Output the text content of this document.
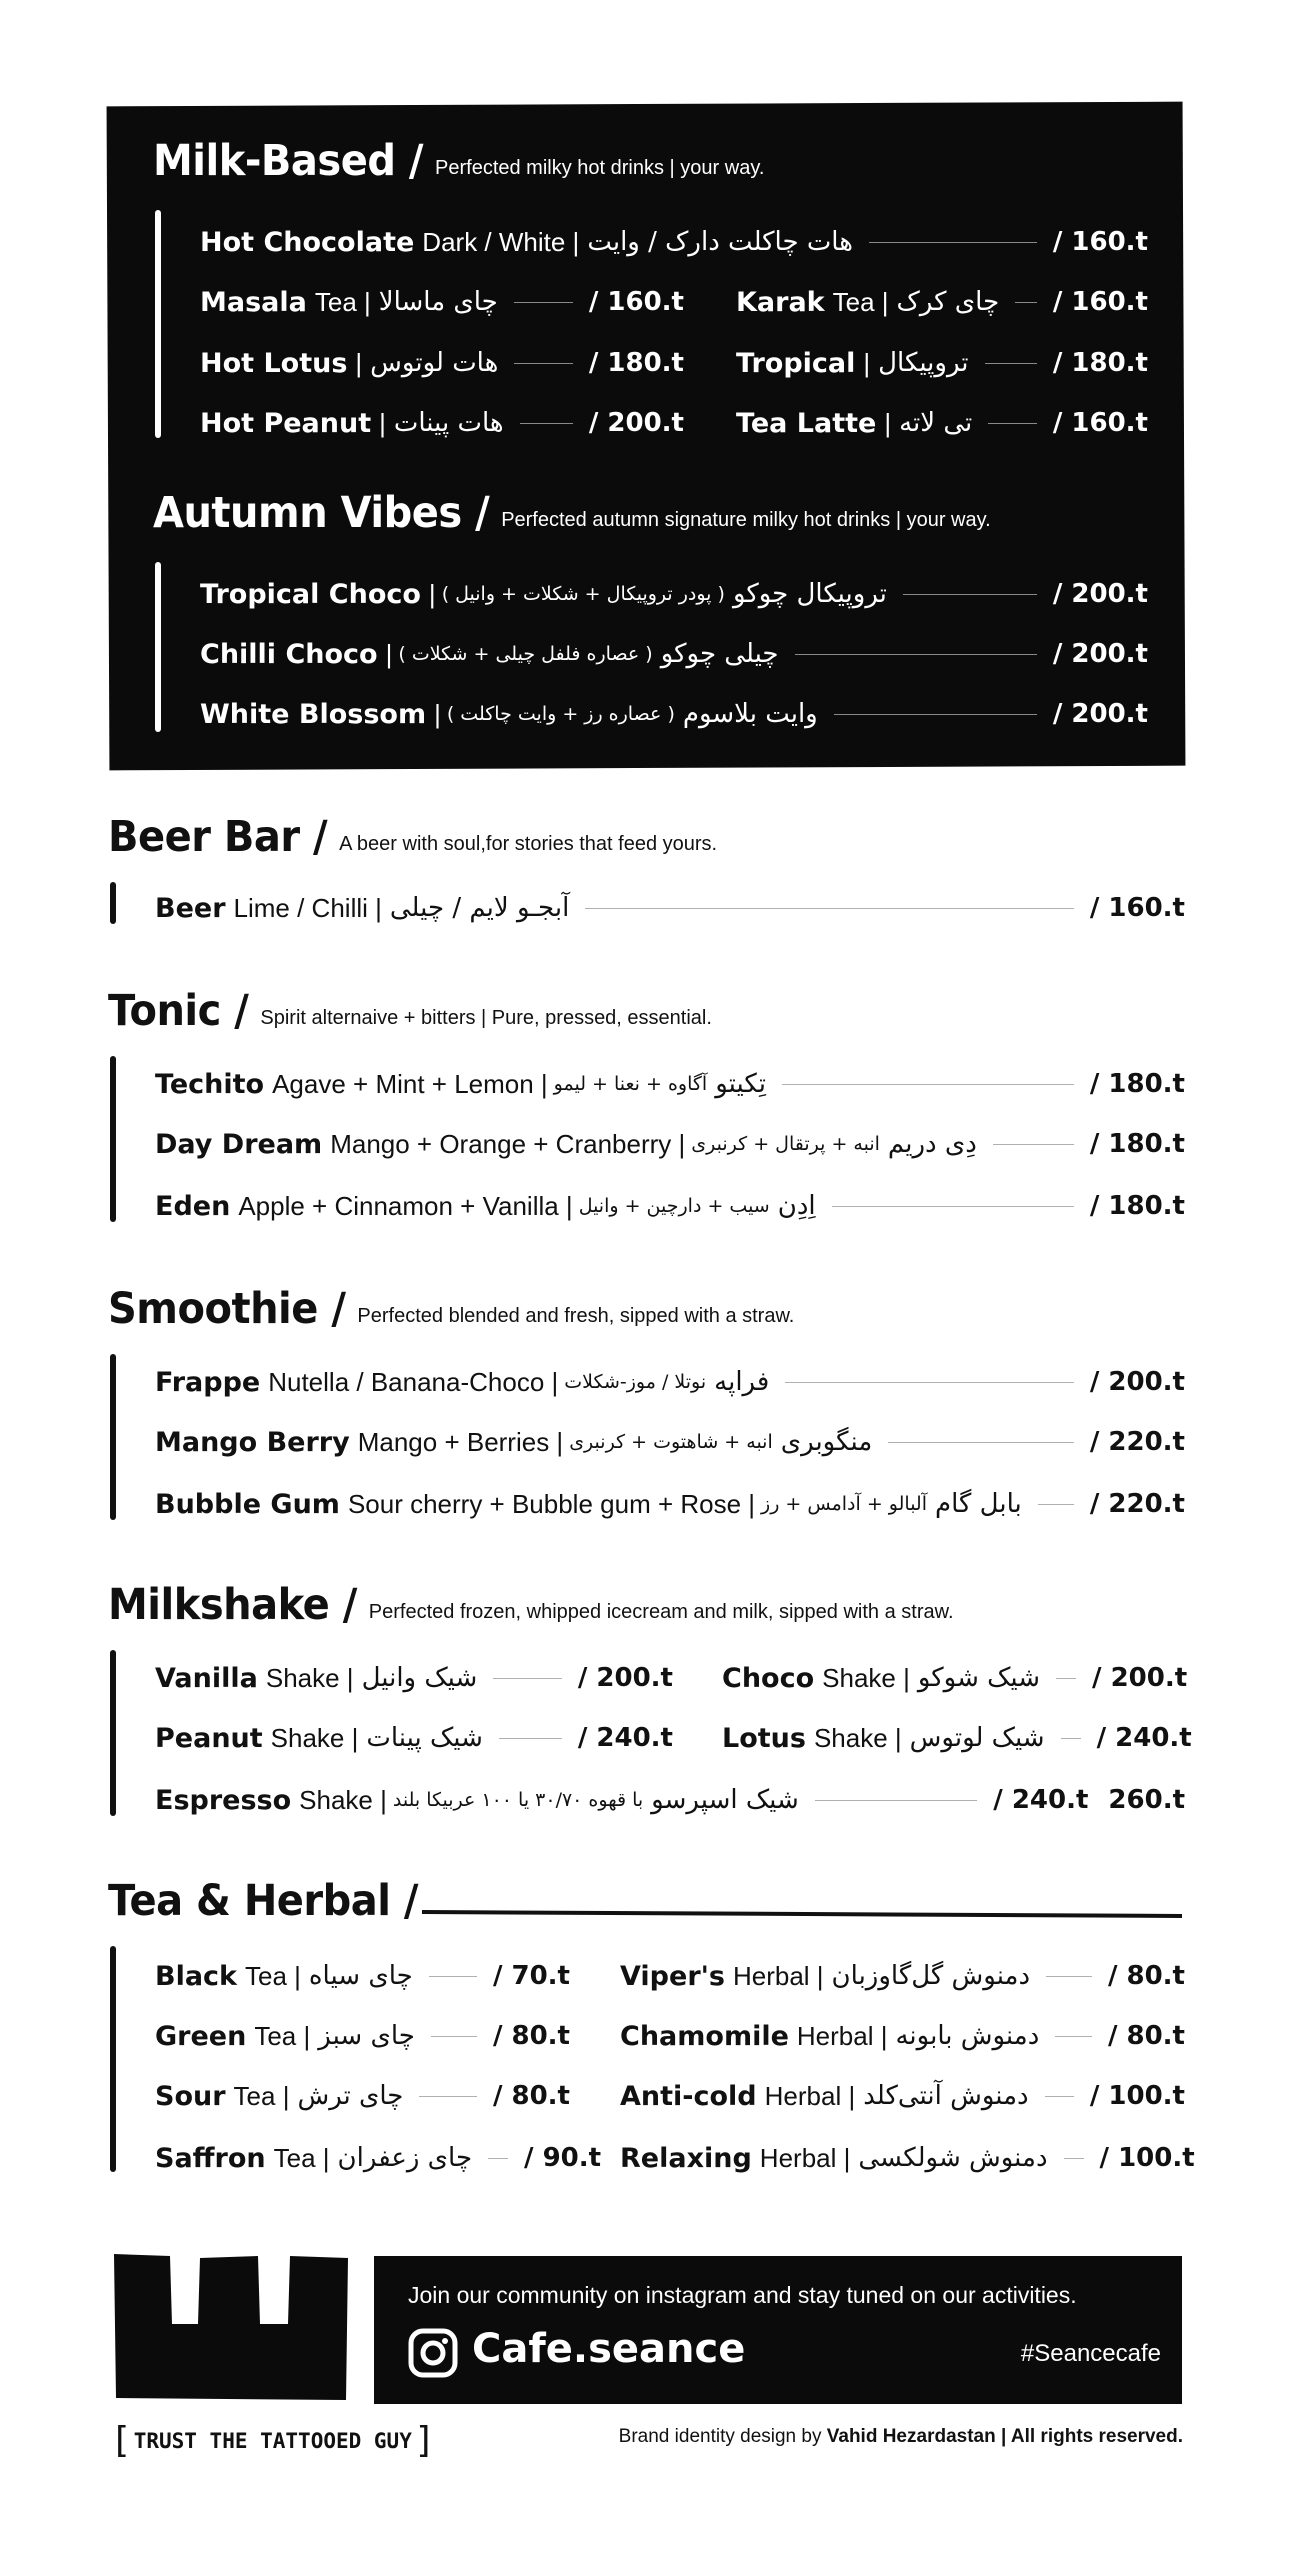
Milk-Based / Perfected milky hot drinks | your way.
Hot Chocolate Dark / White | هات چاکلت دارک / وایت	/ 160.t
Masala Tea | چای ماسالا	/ 160.t Karak Tea | چای کرک / 160.t
Hot Lotus | هات لوتوس	/ 180.t Tropical | تروپیکال	/ 180.t
Hot Peanut | هات پینات	/ 200.t Tea Latte | تی لاته	/ 160.t
Autumn Vibes / Perfected autumn signature milky hot drinks | your way.
Tropical Choco | ( پودر تروپیکال + شکلات + وانیل ) تروپیکال چوکو	/ 200.t
Chilli Choco | ( عصاره فلفل چیلی + شکلات ) چیلی چوکو	/ 200.t
White Blossom | ( عصاره رز + وایت چاکلت ) وایت بلاسوم	/ 200.t
Beer Bar / A beer with soul,for stories that feed yours.
Beer Lime / Chilli | آبجـو لایم / چیلی	/ 160.t
Tonic / Spirit alternaive + bitters | Pure, pressed, essential.
Techito Agave + Mint + Lemon | آگاوه + نعنا + لیمو تِکیتو	/ 180.t
Day Dream Mango + Orange + Cranberry | انبه + پرتقال + کرنبری دِی دریم	/ 180.t
Eden Apple + Cinnamon + Vanilla | سیب + دارچین + وانیل اِدِن	/ 180.t
Smoothie / Perfected blended and fresh, sipped with a straw.
Frappe Nutella / Banana-Choco | نوتلا / موز-شکلات فراپه	/ 200.t
Mango Berry Mango + Berries | انبه + شاهتوت + کرنبری منگوبری	/ 220.t
Bubble Gum Sour cherry + Bubble gum + Rose | آلبالو + آدامس + رز بابل گام	/ 220.t
Milkshake / Perfected frozen, whipped icecream and milk, sipped with a straw.
Vanilla Shake | شیک وانیل	/ 200.t Choco Shake | شیک شوکو / 200.t
Peanut Shake | شیک پینات	/ 240.t Lotus Shake | شیک لوتوس / 240.t
Espresso Shake | با قهوه ۳۰/۷۰ یا ۱۰۰ عربیکا بلند شیک اسپرسو	/ 240.t 260.t
Tea & Herbal /
Black Tea | چای سیاه	/ 70.t Viper's Herbal | دمنوش گل‌گاوزبان	/ 80.t
Green Tea | چای سبز	/ 80.t Chamomile Herbal | دمنوش بابونه	/ 80.t
Sour Tea | چای ترش	/ 80.t Anti-cold Herbal | دمنوش آنتی‌کلد / 100.t
Saffron Tea | چای زعفران / 90.t Relaxing Herbal | دمنوش شولکسی / 100.t
Join our community on instagram and stay tuned on our activities.
Cafe.seance	#Seancecafe
[ TRUST THE TATTOOED GUY ]	Brand identity design by Vahid Hezardastan | All rights reserved.
